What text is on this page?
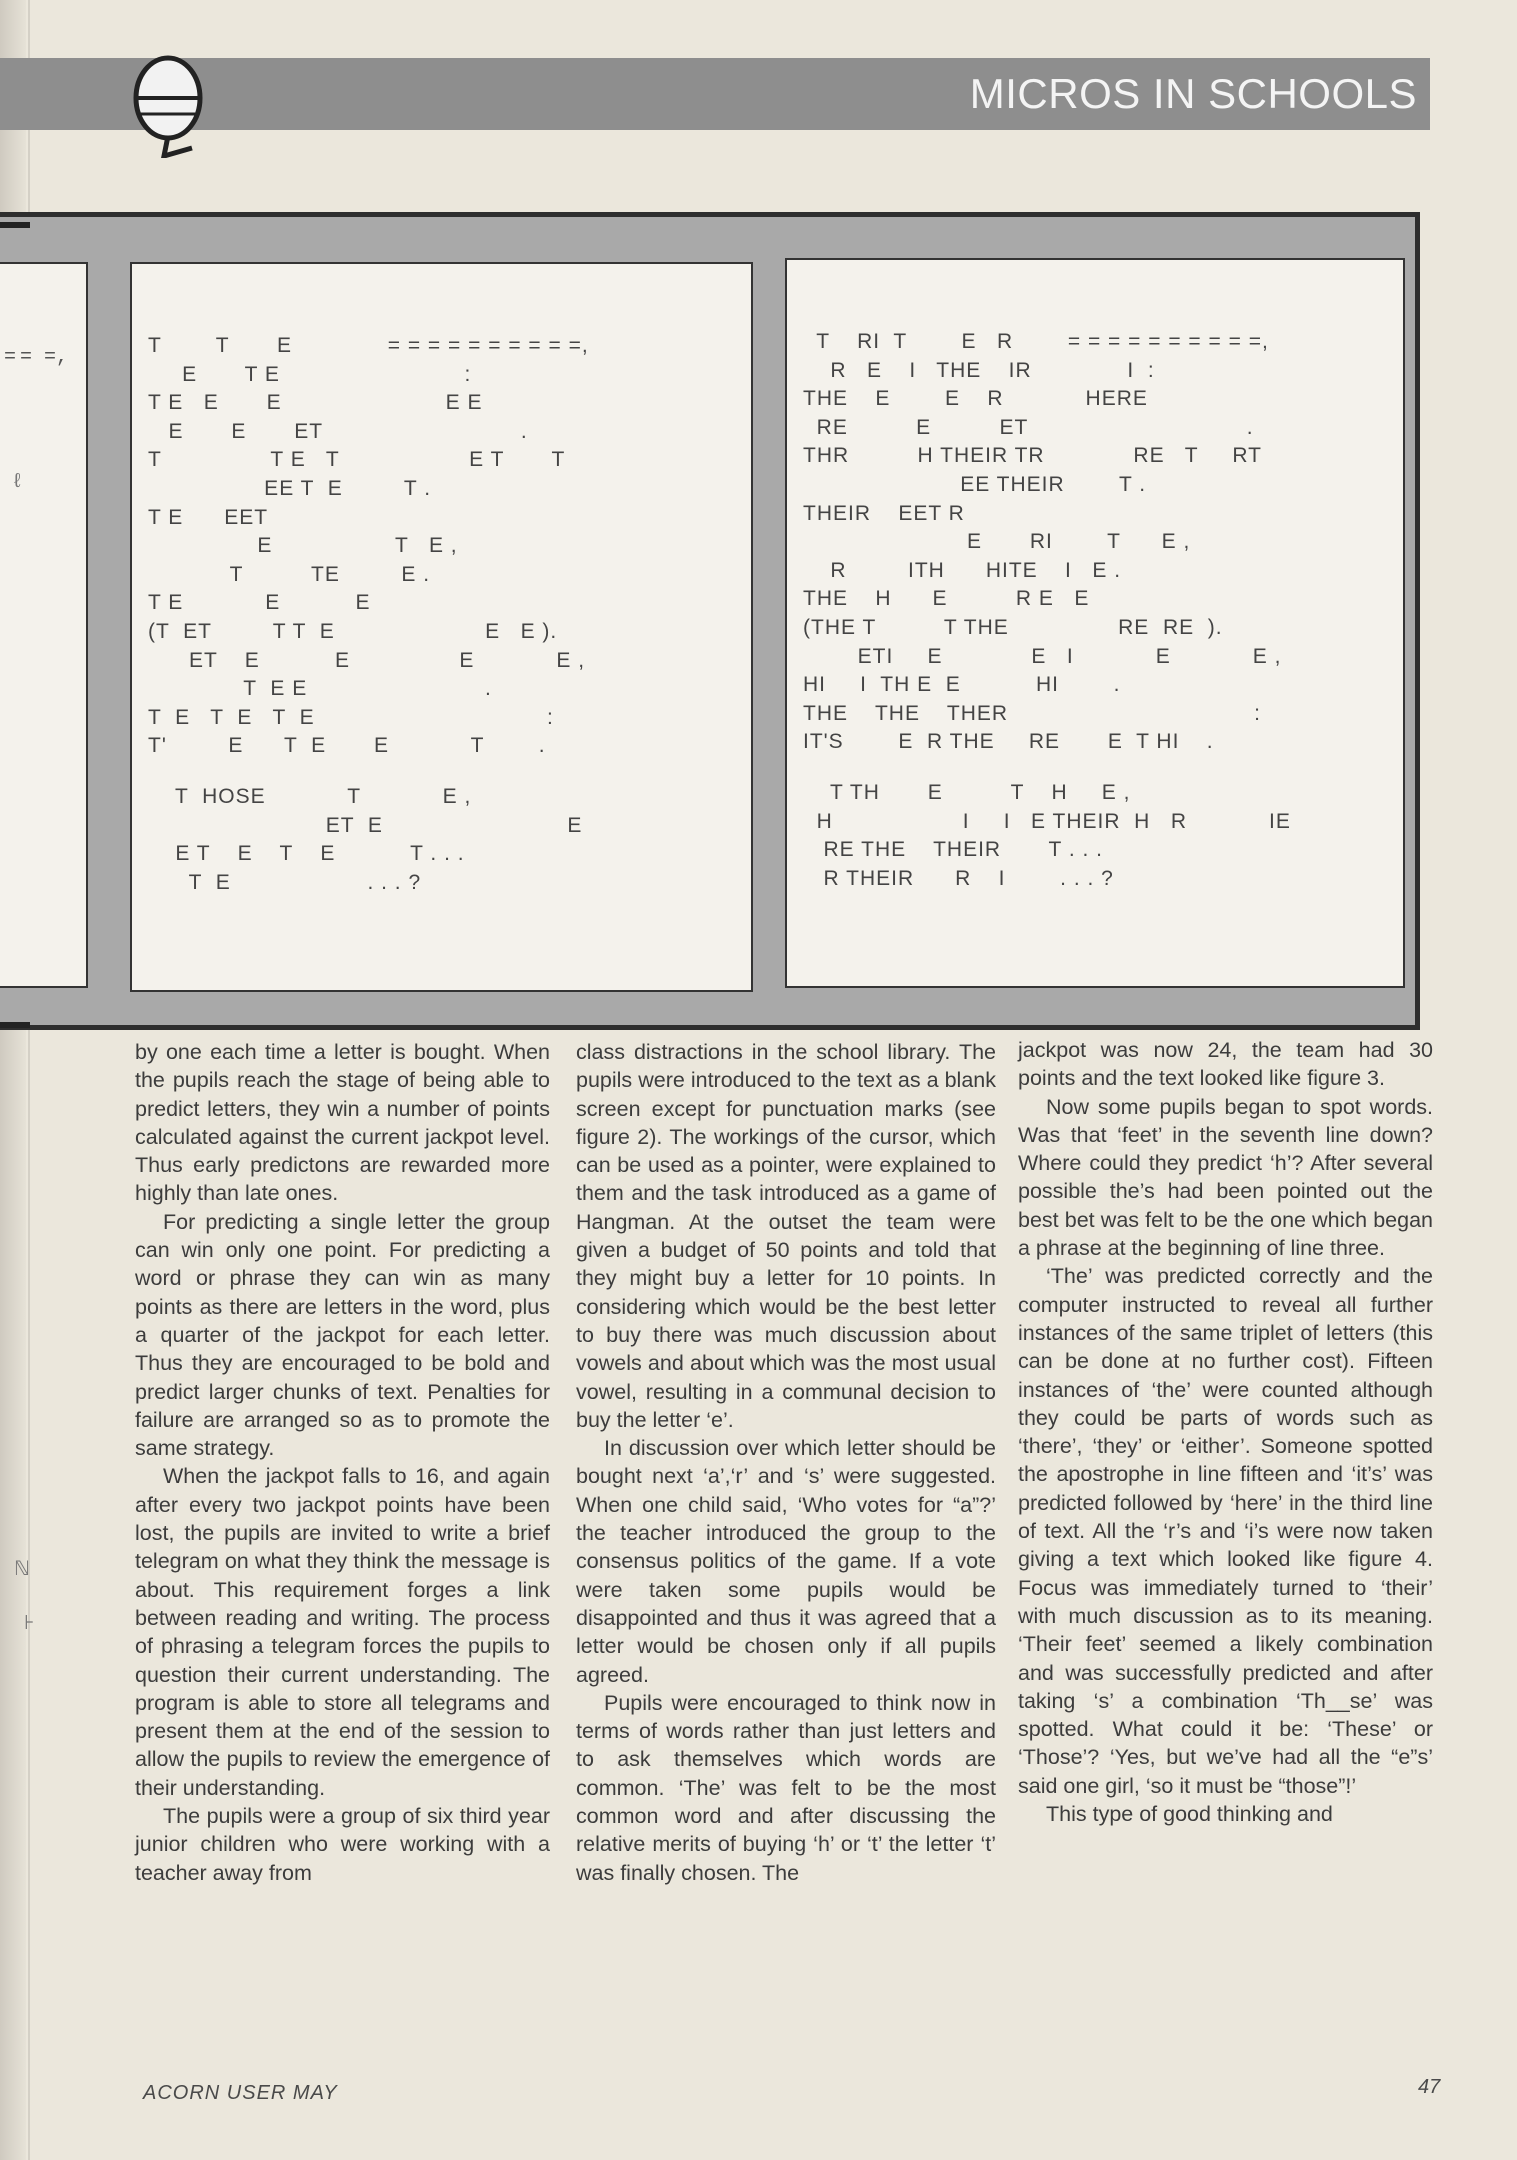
MICROS IN SCHOOLS
= = =,
T        T       E              = = = = = = = = = =,
E       T E                           :
T E   E       E                        E E
E       E       ET                             .
T                T E   T                   E T       T
EE T  E         T .
T E      EET
E                  T   E ,
T          TE         E .
T E            E           E
(T  ET         T T  E                      E   E ).
ET    E           E                E            E ,
T  E E                          .
T  E   T  E   T  E                                  :
T'         E      T  E       E            T        .
T  HOSE            T            E ,
ET  E                           E
E T    E    T    E           T . . .
T  E                    . . . ?
T    RI  T        E   R        = = = = = = = = = =,
R   E    I   THE    IR              I  :
THE    E        E    R            HERE
RE          E          ET                                .
THR          H THEIR TR             RE   T     RT
EE THEIR        T .
THEIR    EET R
E       RI        T      E ,
R         ITH      HITE    I   E .
THE    H      E          R E   E
(THE T          T THE                RE  RE  ).
ETI     E             E   I            E            E ,
HI     I  TH E  E           HI        .
THE    THE    THER                                    :
IT'S        E  R THE     RE       E  T HI    .
T TH       E          T    H     E ,
H                   I     I   E THEIR  H   R            IE
RE THE    THEIR       T . . .
R THEIR      R    I        . . . ?
ℓ
ℕ
⊦

by one each time a letter is bought. When the pupils reach the stage of being able to predict letters, they win a number of points calculated against the current jackpot level. Thus early predictons are rewarded more highly than late ones.

For predicting a single letter the group can win only one point. For predicting a word or phrase they can win as many points as there are letters in the word, plus a quarter of the jackpot for each letter. Thus they are encouraged to be bold and predict larger chunks of text. Penalties for failure are arranged so as to promote the same strategy.

When the jackpot falls to 16, and again after every two jackpot points have been lost, the pupils are invited to write a brief telegram on what they think the message is about. This requirement forges a link between reading and writing. The process of phrasing a telegram forces the pupils to question their current understanding. The program is able to store all telegrams and present them at the end of the session to allow the pupils to review the emergence of their understanding.

The pupils were a group of six third year junior children who were working with a teacher away from

class distractions in the school library. The pupils were introduced to the text as a blank screen except for punctuation marks (see figure 2). The workings of the cursor, which can be used as a pointer, were explained to them and the task introduced as a game of Hangman. At the outset the team were given a budget of 50 points and told that they might buy a letter for 10 points. In considering which would be the best letter to buy there was much discussion about vowels and about which was the most usual vowel, resulting in a communal decision to buy the letter ‘e’.

In discussion over which letter should be bought next ‘a’,‘r’ and ‘s’ were suggested. When one child said, ‘Who votes for “a”?’ the teacher introduced the group to the consensus politics of the game. If a vote were taken some pupils would be disappointed and thus it was agreed that a letter would be chosen only if all pupils agreed.

Pupils were encouraged to think now in terms of words rather than just letters and to ask themselves which words are common. ‘The’ was felt to be the most common word and after discussing the relative merits of buying ‘h’ or ‘t’ the letter ‘t’ was finally chosen. The

jackpot was now 24, the team had 30 points and the text looked like figure 3.

Now some pupils began to spot words. Was that ‘feet’ in the seventh line down? Where could they predict ‘h’? After several possible the’s had been pointed out the best bet was felt to be the one which began a phrase at the beginning of line three.

‘The’ was predicted correctly and the computer instructed to reveal all further instances of the same triplet of letters (this can be done at no further cost). Fifteen instances of ‘the’ were counted although they could be parts of words such as ‘there’, ‘they’ or ‘either’. Someone spotted the apostrophe in line fifteen and ‘it’s’ was predicted followed by ‘here’ in the third line of text. All the ‘r’s and ‘i’s were now taken giving a text which looked like figure 4. Focus was immediately turned to ‘their’ with much discussion as to its meaning. ‘Their feet’ seemed a likely combination and was successfully predicted and after taking ‘s’ a combination ‘Th__se’ was spotted. What could it be: ‘These’ or ‘Those’? ‘Yes, but we’ve had all the “e”s’ said one girl, ‘so it must be “those”!’

This type of good thinking and

ACORN USER MAY	47
